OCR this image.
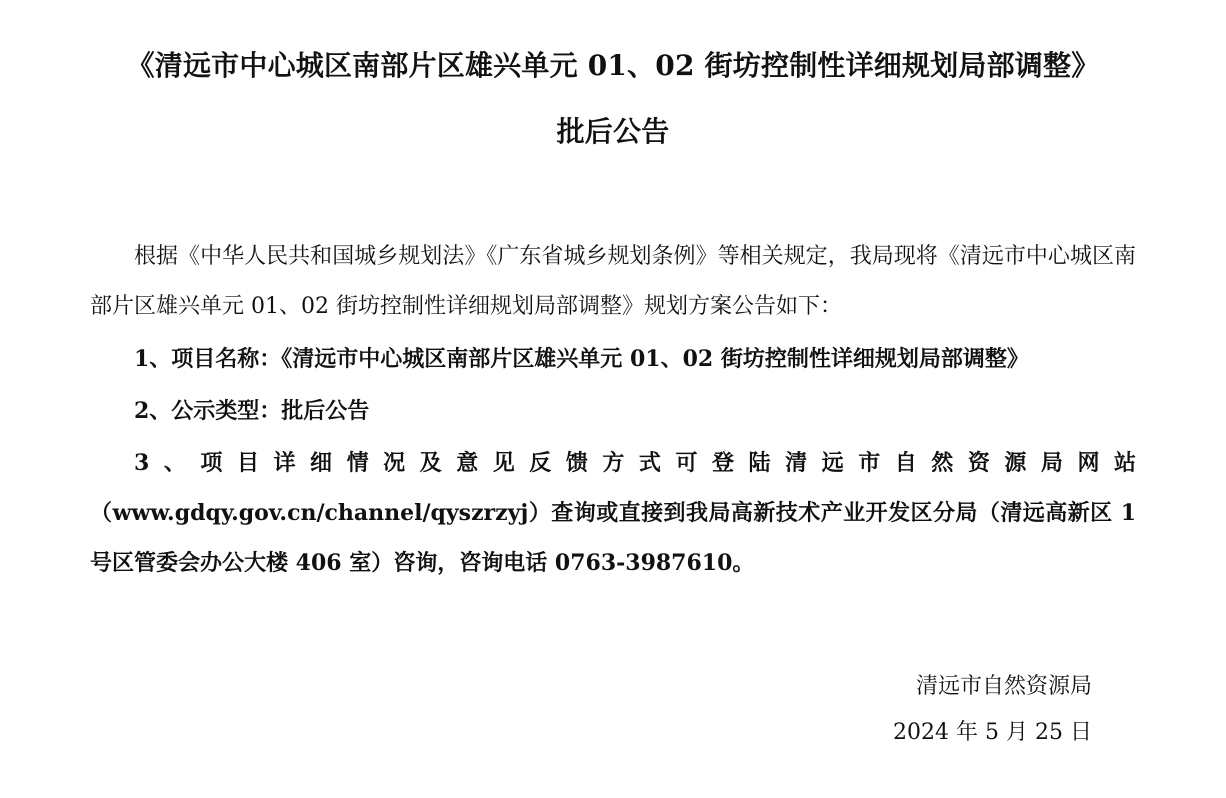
《清远市中心城区南部片区雄兴单元 01、02 街坊控制性详细规划局部调整》
批后公告

根据《中华人民共和国城乡规划法》《广东省城乡规划条例》等相关规定，我局现将《清远市中心城区南部片区雄兴单元 01、02 街坊控制性详细规划局部调整》规划方案公告如下：

1、项目名称：《清远市中心城区南部片区雄兴单元 01、02 街坊控制性详细规划局部调整》

2、公示类型：批后公告

3、项目详细情况及意见反馈方式可登陆清远市自然资源局网站（www.gdqy.gov.cn/channel/qyszrzyj）查询或直接到我局高新技术产业开发区分局（清远高新区 1 号区管委会办公大楼 406 室）咨询，咨询电话 0763-3987610。

清远市自然资源局
2024 年 5 月 25 日
